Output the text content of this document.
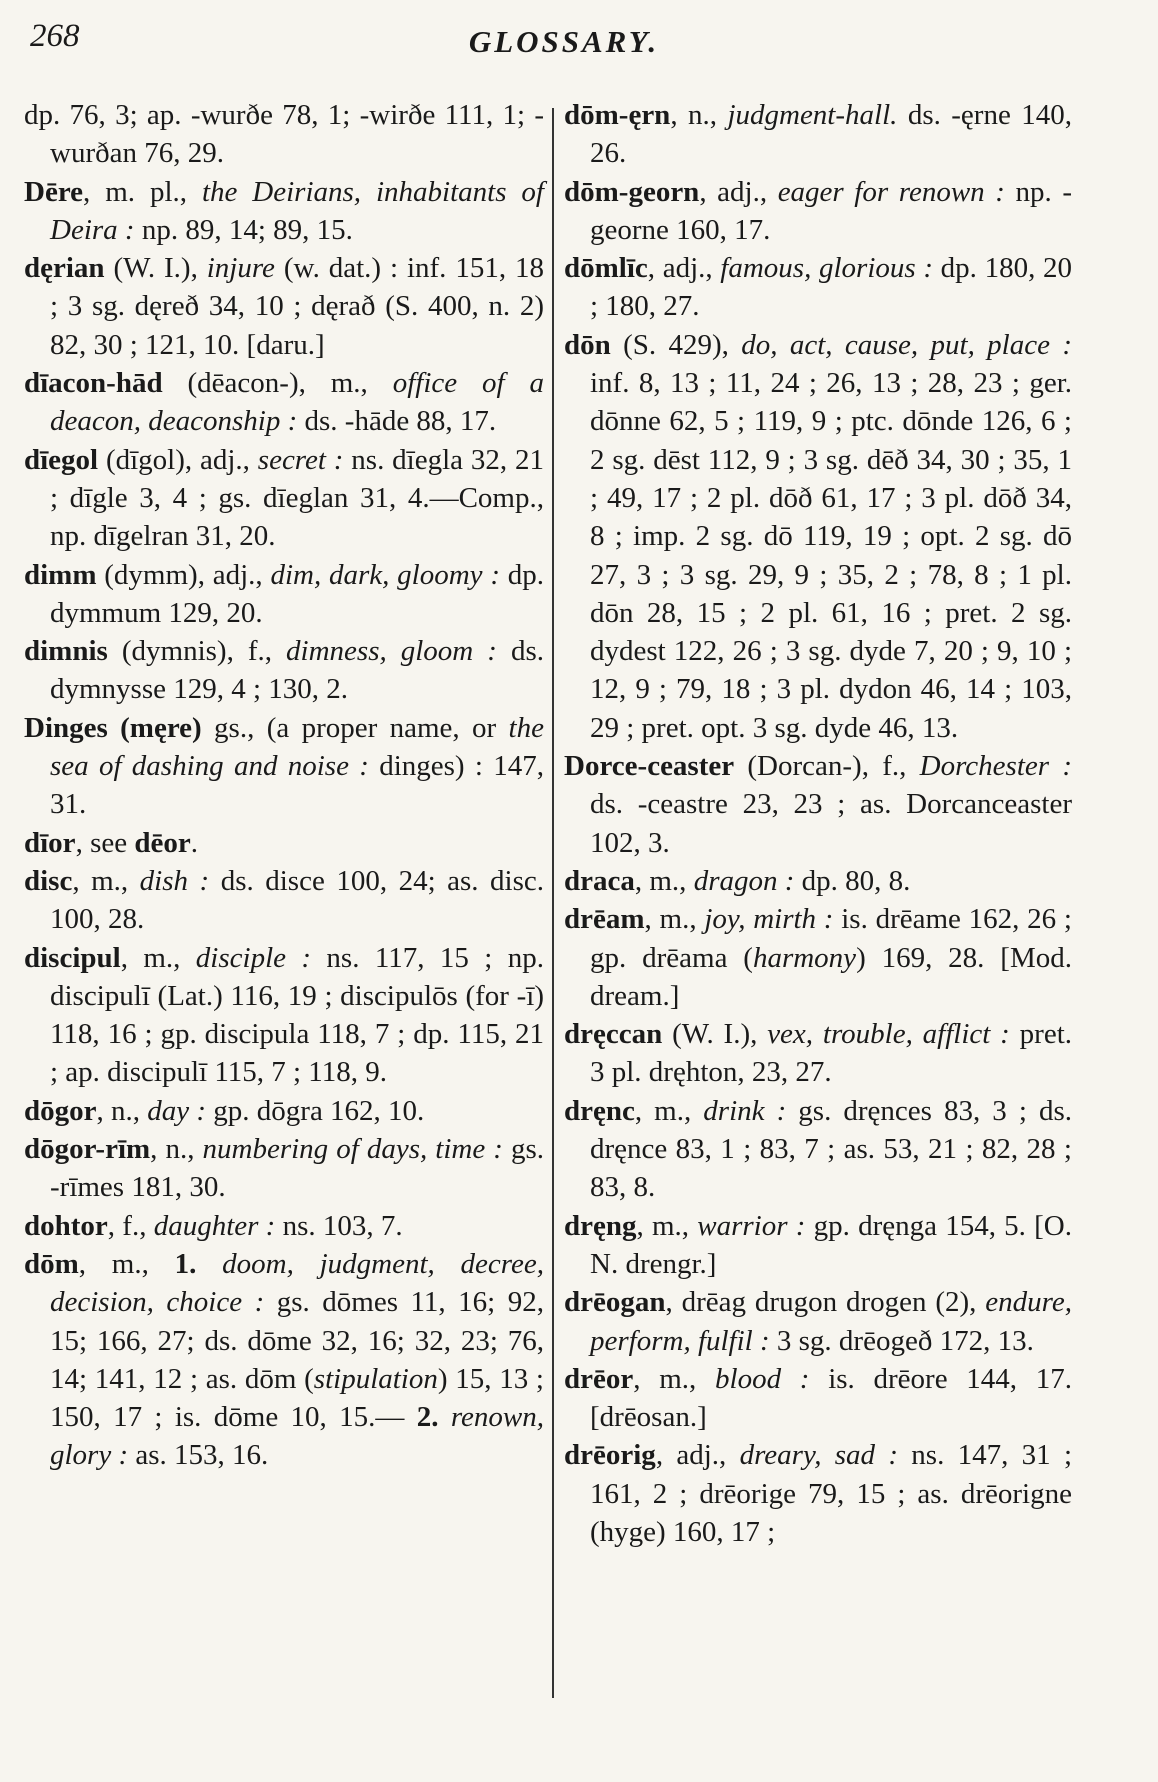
268	GLOSSARY.

dp. 76, 3; ap. -wurðe 78, 1; -wirðe 111, 1; -wurðan 76, 29.

Dēre, m. pl., the Deirians, inhabitants of Deira : np. 89, 14; 89, 15.

dęrian (W. I.), injure (w. dat.) : inf. 151, 18 ; 3 sg. dęreð 34, 10 ; dęrað (S. 400, n. 2) 82, 30 ; 121, 10. [daru.]

dīacon-hād (dēacon-), m., office of a deacon, deaconship : ds. -hāde 88, 17.

dīegol (dīgol), adj., secret : ns. dīegla 32, 21 ; dīgle 3, 4 ; gs. dīeglan 31, 4.—Comp., np. dīgelran 31, 20.

dimm (dymm), adj., dim, dark, gloomy : dp. dymmum 129, 20.

dimnis (dymnis), f., dimness, gloom : ds. dymnysse 129, 4 ; 130, 2.

Dinges (męre) gs., (a proper name, or the sea of dashing and noise : dinges) : 147, 31.

dīor, see dēor.

disc, m., dish : ds. disce 100, 24; as. disc. 100, 28.

discipul, m., disciple : ns. 117, 15 ; np. discipulī (Lat.) 116, 19 ; discipulōs (for -ī) 118, 16 ; gp. discipula 118, 7 ; dp. 115, 21 ; ap. discipulī 115, 7 ; 118, 9.

dōgor, n., day : gp. dōgra 162, 10.

dōgor-rīm, n., numbering of days, time : gs. -rīmes 181, 30.

dohtor, f., daughter : ns. 103, 7.

dōm, m., 1. doom, judgment, decree, decision, choice : gs. dōmes 11, 16; 92, 15; 166, 27; ds. dōme 32, 16; 32, 23; 76, 14; 141, 12 ; as. dōm (stipulation) 15, 13 ; 150, 17 ; is. dōme 10, 15.— 2. renown, glory : as. 153, 16.

dōm-ęrn, n., judgment-hall. ds. -ęrne 140, 26.

dōm-georn, adj., eager for renown : np. -georne 160, 17.

dōmlīc, adj., famous, glorious : dp. 180, 20 ; 180, 27.

dōn (S. 429), do, act, cause, put, place : inf. 8, 13 ; 11, 24 ; 26, 13 ; 28, 23 ; ger. dōnne 62, 5 ; 119, 9 ; ptc. dōnde 126, 6 ; 2 sg. dēst 112, 9 ; 3 sg. dēð 34, 30 ; 35, 1 ; 49, 17 ; 2 pl. dōð 61, 17 ; 3 pl. dōð 34, 8 ; imp. 2 sg. dō 119, 19 ; opt. 2 sg. dō 27, 3 ; 3 sg. 29, 9 ; 35, 2 ; 78, 8 ; 1 pl. dōn 28, 15 ; 2 pl. 61, 16 ; pret. 2 sg. dydest 122, 26 ; 3 sg. dyde 7, 20 ; 9, 10 ; 12, 9 ; 79, 18 ; 3 pl. dydon 46, 14 ; 103, 29 ; pret. opt. 3 sg. dyde 46, 13.

Dorce-ceaster (Dorcan-), f., Dorchester : ds. -ceastre 23, 23 ; as. Dorcanceaster 102, 3.

draca, m., dragon : dp. 80, 8.

drēam, m., joy, mirth : is. drēame 162, 26 ; gp. drēama (harmony) 169, 28. [Mod. dream.]

dręccan (W. I.), vex, trouble, afflict : pret. 3 pl. dręhton, 23, 27.

dręnc, m., drink : gs. dręnces 83, 3 ; ds. dręnce 83, 1 ; 83, 7 ; as. 53, 21 ; 82, 28 ; 83, 8.

dręng, m., warrior : gp. dręnga 154, 5. [O. N. drengr.]

drēogan, drēag drugon drogen (2), endure, perform, fulfil : 3 sg. drēogeð 172, 13.

drēor, m., blood : is. drēore 144, 17. [drēosan.]

drēorig, adj., dreary, sad : ns. 147, 31 ; 161, 2 ; drēorige 79, 15 ; as. drēorigne (hyge) 160, 17 ;
